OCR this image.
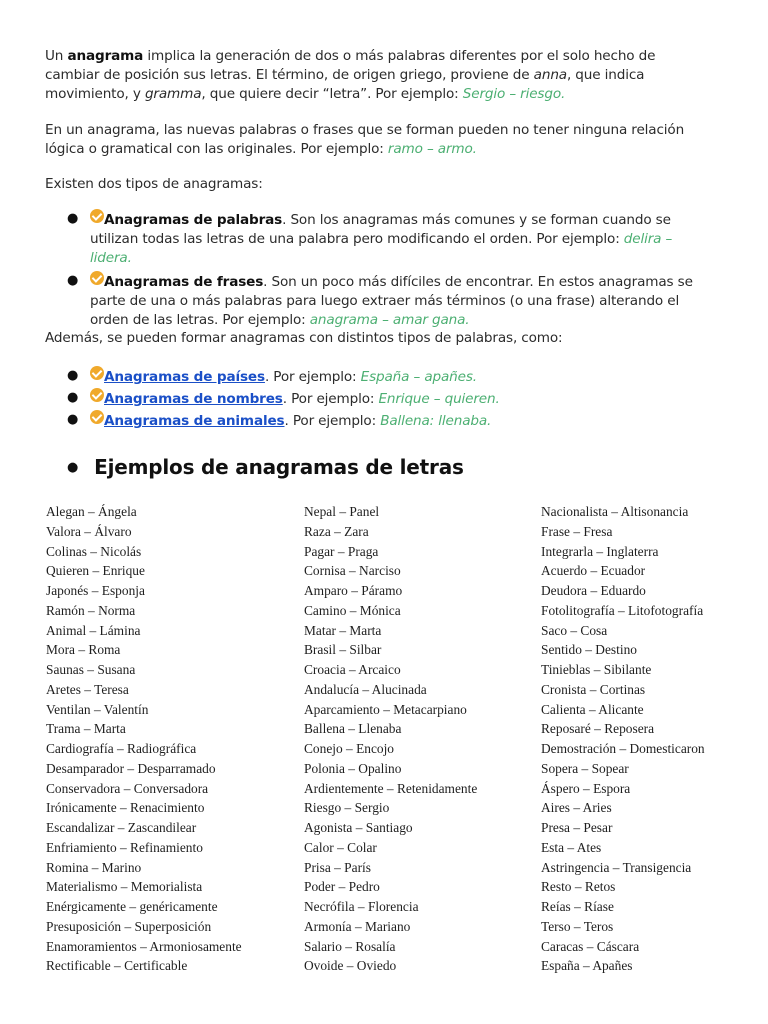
Un anagrama implica la generación de dos o más palabras diferentes por el solo hecho de cambiar de posición sus letras. El término, de origen griego, proviene de anna, que indica movimiento, y gramma, que quiere decir “letra”. Por ejemplo: Sergio – riesgo.

En un anagrama, las nuevas palabras o frases que se forman pueden no tener ninguna relación lógica o gramatical con las originales. Por ejemplo: ramo – armo.

Existen dos tipos de anagramas:

● Anagramas de palabras. Son los anagramas más comunes y se forman cuando se utilizan todas las letras de una palabra pero modificando el orden. Por ejemplo: delira – lidera.
● Anagramas de frases. Son un poco más difíciles de encontrar. En estos anagramas se parte de una o más palabras para luego extraer más términos (o una frase) alterando el orden de las letras. Por ejemplo: anagrama – amar gana.

Además, se pueden formar anagramas con distintos tipos de palabras, como:

● Anagramas de países. Por ejemplo: España – apañes.
● Anagramas de nombres. Por ejemplo: Enrique – quieren.
● Anagramas de animales. Por ejemplo: Ballena: llenaba.
● Ejemplos de anagramas de letras
Alegan – Ángela
Valora – Álvaro
Colinas – Nicolás
Quieren – Enrique
Japonés – Esponja
Ramón – Norma
Animal – Lámina
Mora – Roma
Saunas – Susana
Aretes – Teresa
Ventilan – Valentín
Trama – Marta
Cardiografía – Radiográfica
Desamparador – Desparramado
Conservadora – Conversadora
Irónicamente – Renacimiento
Escandalizar – Zascandilear
Enfriamiento – Refinamiento
Romina – Marino
Materialismo – Memorialista
Enérgicamente – genéricamente
Presuposición – Superposición
Enamoramientos – Armoniosamente
Rectificable – Certificable
Nepal – Panel
Raza – Zara
Pagar – Praga
Cornisa – Narciso
Amparo – Páramo
Camino – Mónica
Matar – Marta
Brasil – Silbar
Croacia – Arcaico
Andalucía – Alucinada
Aparcamiento – Metacarpiano
Ballena – Llenaba
Conejo – Encojo
Polonia – Opalino
Ardientemente – Retenidamente
Riesgo – Sergio
Agonista – Santiago
Calor – Colar
Prisa – París
Poder – Pedro
Necrófila – Florencia
Armonía – Mariano
Salario – Rosalía
Ovoide – Oviedo
Nacionalista – Altisonancia
Frase – Fresa
Integrarla – Inglaterra
Acuerdo – Ecuador
Deudora – Eduardo
Fotolitografía – Litofotografía
Saco – Cosa
Sentido – Destino
Tinieblas – Sibilante
Cronista – Cortinas
Calienta – Alicante
Reposaré – Reposera
Demostración – Domesticaron
Sopera – Sopear
Áspero – Espora
Aires – Aries
Presa – Pesar
Esta – Ates
Astringencia – Transigencia
Resto – Retos
Reías – Ríase
Terso – Teros
Caracas – Cáscara
España – Apañes
